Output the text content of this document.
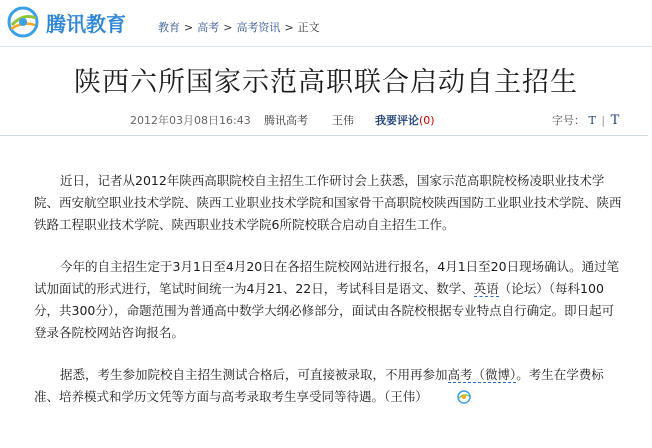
腾讯教育	教育 > 高考 > 高考资讯 > 正文
陕西六所国家示范高职联合启动自主招生
2012年03月08日16:43 腾讯高考 王伟 我要评论(0)	字号： T | T

近日，记者从2012年陕西高职院校自主招生工作研讨会上获悉，国家示范高职院校杨凌职业技术学院、西安航空职业技术学院、陕西工业职业技术学院和国家骨干高职院校陕西国防工业职业技术学院、陕西铁路工程职业技术学院、陕西职业技术学院6所院校联合启动自主招生工作。

今年的自主招生定于3月1日至4月20日在各招生院校网站进行报名，4月1日至20日现场确认。通过笔试加面试的形式进行，笔试时间统一为4月21、22日，考试科目是语文、数学、英语（论坛）（每科100分，共300分），命题范围为普通高中数学大纲必修部分，面试由各院校根据专业特点自行确定。即日起可登录各院校网站咨询报名。

据悉，考生参加院校自主招生测试合格后，可直接被录取，不用再参加高考（微博）。考生在学费标准、培养模式和学历文凭等方面与高考录取考生享受同等待遇。（王伟）
